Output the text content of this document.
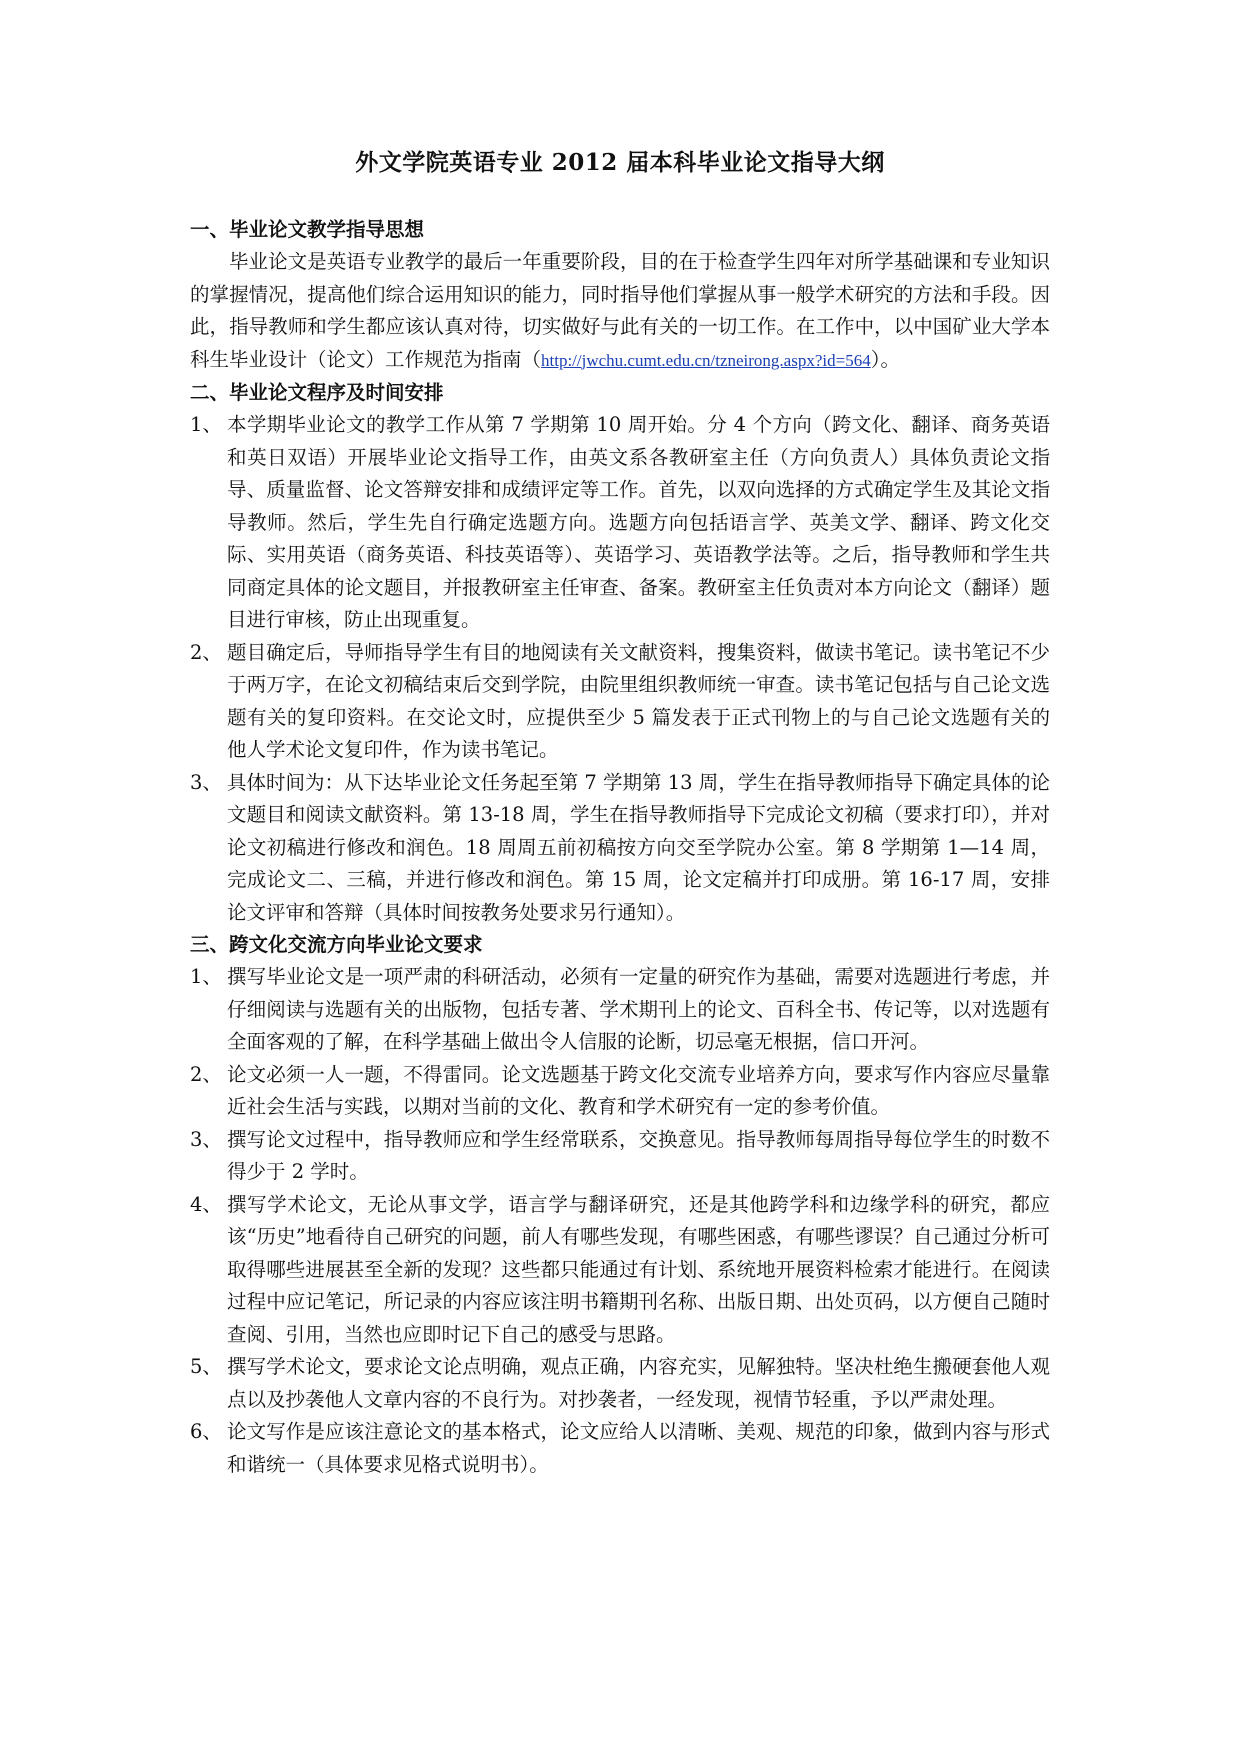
外文学院英语专业 2012 届本科毕业论文指导大纲
一、毕业论文教学指导思想

毕业论文是英语专业教学的最后一年重要阶段，目的在于检查学生四年对所学基础课和专业知识的掌握情况，提高他们综合运用知识的能力，同时指导他们掌握从事一般学术研究的方法和手段。因此，指导教师和学生都应该认真对待，切实做好与此有关的一切工作。在工作中，以中国矿业大学本科生毕业设计（论文）工作规范为指南（http://jwchu.cumt.edu.cn/tzneirong.aspx?id=564）。

二、毕业论文程序及时间安排
1、 本学期毕业论文的教学工作从第 7 学期第 10 周开始。分 4 个方向（跨文化、翻译、商务英语和英日双语）开展毕业论文指导工作，由英文系各教研室主任（方向负责人）具体负责论文指导、质量监督、论文答辩安排和成绩评定等工作。首先，以双向选择的方式确定学生及其论文指导教师。然后，学生先自行确定选题方向。选题方向包括语言学、英美文学、翻译、跨文化交际、实用英语（商务英语、科技英语等）、英语学习、英语教学法等。之后，指导教师和学生共同商定具体的论文题目，并报教研室主任审查、备案。教研室主任负责对本方向论文（翻译）题目进行审核，防止出现重复。
2、 题目确定后，导师指导学生有目的地阅读有关文献资料，搜集资料，做读书笔记。读书笔记不少于两万字，在论文初稿结束后交到学院，由院里组织教师统一审查。读书笔记包括与自己论文选题有关的复印资料。在交论文时，应提供至少 5 篇发表于正式刊物上的与自己论文选题有关的他人学术论文复印件，作为读书笔记。
3、 具体时间为：从下达毕业论文任务起至第 7 学期第 13 周，学生在指导教师指导下确定具体的论文题目和阅读文献资料。第 13-18 周，学生在指导教师指导下完成论文初稿（要求打印），并对论文初稿进行修改和润色。18 周周五前初稿按方向交至学院办公室。第 8 学期第 1—14 周，完成论文二、三稿，并进行修改和润色。第 15 周，论文定稿并打印成册。第 16-17 周，安排论文评审和答辩（具体时间按教务处要求另行通知）。
三、跨文化交流方向毕业论文要求
1、 撰写毕业论文是一项严肃的科研活动，必须有一定量的研究作为基础，需要对选题进行考虑，并仔细阅读与选题有关的出版物，包括专著、学术期刊上的论文、百科全书、传记等，以对选题有全面客观的了解，在科学基础上做出令人信服的论断，切忌毫无根据，信口开河。
2、 论文必须一人一题，不得雷同。论文选题基于跨文化交流专业培养方向，要求写作内容应尽量靠近社会生活与实践，以期对当前的文化、教育和学术研究有一定的参考价值。
3、 撰写论文过程中，指导教师应和学生经常联系，交换意见。指导教师每周指导每位学生的时数不得少于 2 学时。
4、 撰写学术论文，无论从事文学，语言学与翻译研究，还是其他跨学科和边缘学科的研究，都应该“历史”地看待自己研究的问题，前人有哪些发现，有哪些困惑，有哪些谬误？自己通过分析可取得哪些进展甚至全新的发现？这些都只能通过有计划、系统地开展资料检索才能进行。在阅读过程中应记笔记，所记录的内容应该注明书籍期刊名称、出版日期、出处页码，以方便自己随时查阅、引用，当然也应即时记下自己的感受与思路。
5、 撰写学术论文，要求论文论点明确，观点正确，内容充实，见解独特。坚决杜绝生搬硬套他人观点以及抄袭他人文章内容的不良行为。对抄袭者，一经发现，视情节轻重，予以严肃处理。
6、 论文写作是应该注意论文的基本格式，论文应给人以清晰、美观、规范的印象，做到内容与形式和谐统一（具体要求见格式说明书）。
